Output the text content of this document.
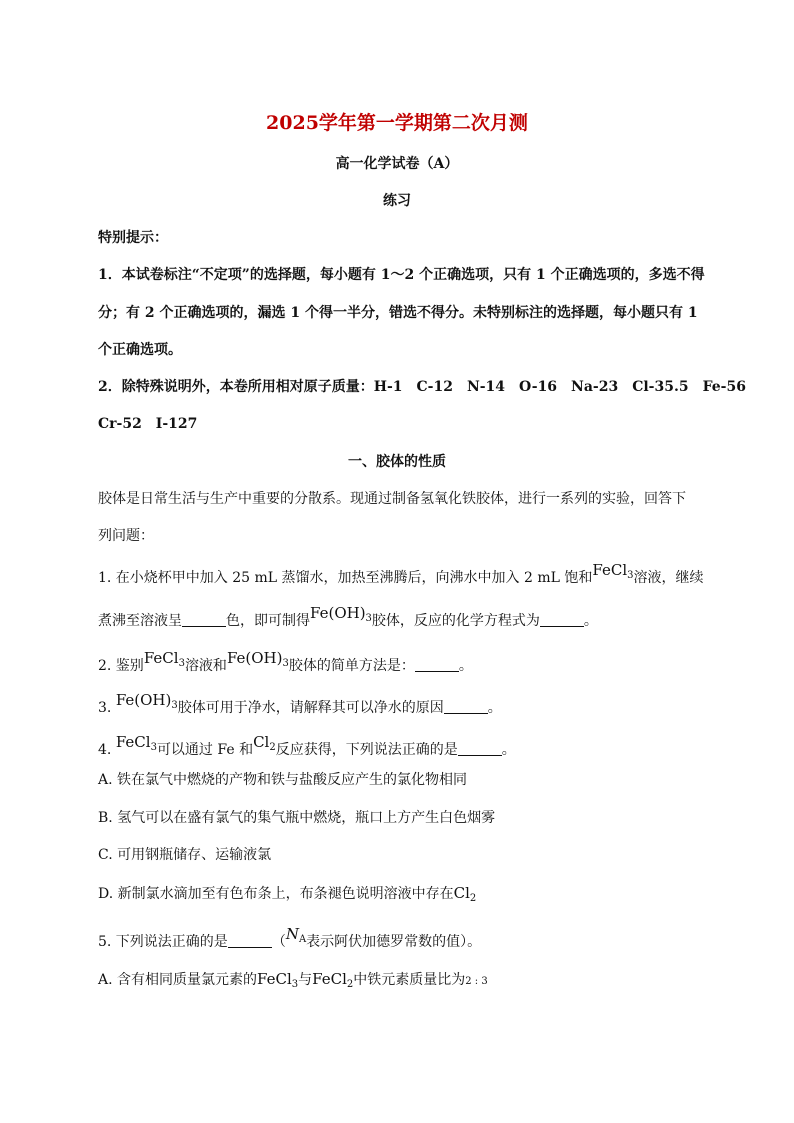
2025学年第一学期第二次月测
高一化学试卷（A）
练习
特别提示：
1．本试卷标注“不定项”的选择题，每小题有 1～2 个正确选项，只有 1 个正确选项的，多选不得
分；有 2 个正确选项的，漏选 1 个得一半分，错选不得分。未特别标注的选择题，每小题只有 1
个正确选项。
2．除特殊说明外，本卷所用相对原子质量：H-1　C-12　N-14　O-16　Na-23　Cl-35.5　Fe-56
Cr-52　I-127
一、胶体的性质
胶体是日常生活与生产中重要的分散系。现通过制备氢氧化铁胶体，进行一系列的实验，回答下
列问题：
1. 在小烧杯甲中加入 25 mL 蒸馏水，加热至沸腾后，向沸水中加入 2 mL 饱和FeCl$_3$溶液，继续
煮沸至溶液呈	色，即可制得$Fe(OH)_3$胶体，反应的化学方程式为	。
2. 鉴别FeCl$_3$溶液和$Fe(OH)_3$胶体的简单方法是：	。
3. $Fe(OH)_3$胶体可用于净水，请解释其可以净水的原因	。
4. FeCl$_3$可以通过 Fe 和$Cl_2$反应获得，下列说法正确的是	。
A. 铁在氯气中燃烧的产物和铁与盐酸反应产生的氯化物相同
B. 氢气可以在盛有氯气的集气瓶中燃烧，瓶口上方产生白色烟雾
C. 可用钢瓶储存、运输液氯
D. 新制氯水滴加至有色布条上，布条褪色说明溶液中存在$Cl_2$
5. 下列说法正确的是	（$N_A$表示阿伏加德罗常数的值）。
A. 含有相同质量氯元素的FeCl$_3$与FeCl$_2$中铁元素质量比为2 : 3
